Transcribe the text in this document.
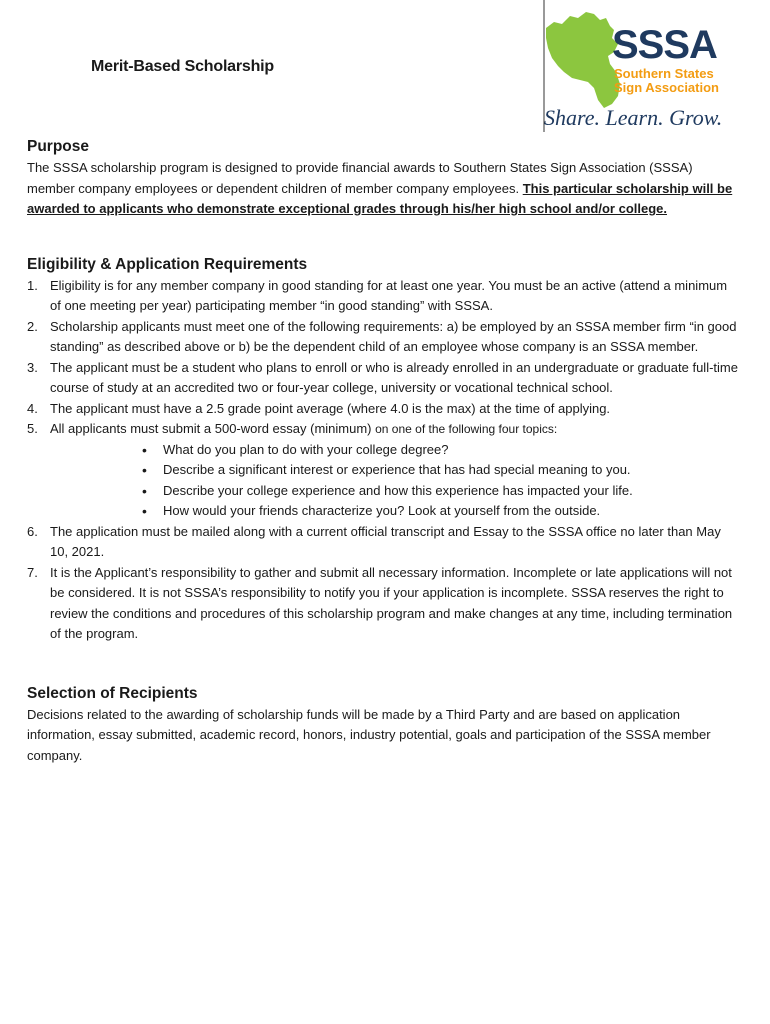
Merit-Based Scholarship	SSSA
Southern States
Sign Association
Share. Learn. Grow.
Purpose

The SSSA scholarship program is designed to provide financial awards to Southern States Sign Association (SSSA) member company employees or dependent children of member company employees. This particular scholarship will be awarded to applicants who demonstrate exceptional grades through his/her high school and/or college.

Eligibility & Application Requirements
1. Eligibility is for any member company in good standing for at least one year. You must be an active (attend a minimum of one meeting per year) participating member “in good standing” with SSSA.
2. Scholarship applicants must meet one of the following requirements: a) be employed by an SSSA member firm “in good standing” as described above or b) be the dependent child of an employee whose company is an SSSA member.
3. The applicant must be a student who plans to enroll or who is already enrolled in an undergraduate or graduate full-time course of study at an accredited two or four-year college, university or vocational technical school.
4. The applicant must have a 2.5 grade point average (where 4.0 is the max) at the time of applying.
5. All applicants must submit a 500-word essay (minimum) on one of the following four topics:
• What do you plan to do with your college degree?
• Describe a significant interest or experience that has had special meaning to you.
• Describe your college experience and how this experience has impacted your life.
• How would your friends characterize you? Look at yourself from the outside.
6. The application must be mailed along with a current official transcript and Essay to the SSSA office no later than May 10, 2021.
7. It is the Applicant’s responsibility to gather and submit all necessary information. Incomplete or late applications will not be considered. It is not SSSA’s responsibility to notify you if your application is incomplete. SSSA reserves the right to review the conditions and procedures of this scholarship program and make changes at any time, including termination of the program.
Selection of Recipients

Decisions related to the awarding of scholarship funds will be made by a Third Party and are based on application information, essay submitted, academic record, honors, industry potential, goals and participation of the SSSA member company.
